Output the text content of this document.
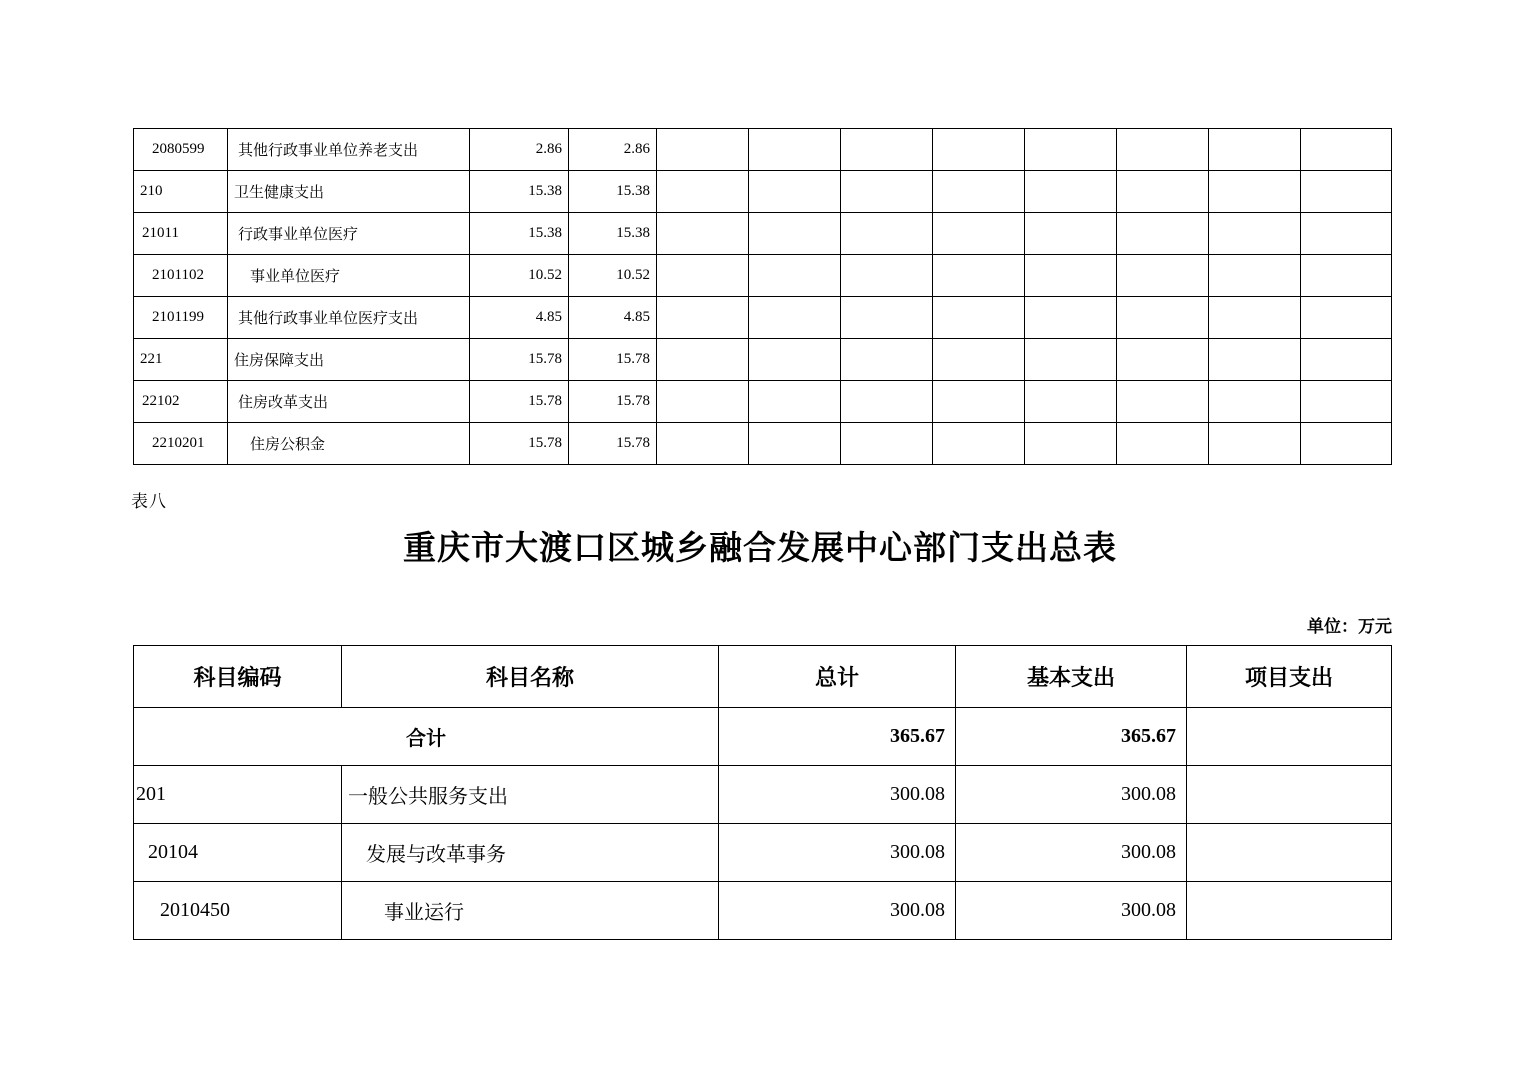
2080599	其他行政事业单位养老支出	2.86	2.86								
210	卫生健康支出	15.38	15.38								
21011	行政事业单位医疗	15.38	15.38								
2101102	事业单位医疗	10.52	10.52								
2101199	其他行政事业单位医疗支出	4.85	4.85								
221	住房保障支出	15.78	15.78								
22102	住房改革支出	15.78	15.78								
2210201	住房公积金	15.78	15.78								
表八
重庆市大渡口区城乡融合发展中心部门支出总表
单位：万元
科目编码	科目名称	总计	基本支出	项目支出
合计		365.67	365.67	
201	一般公共服务支出	300.08	300.08	
20104	发展与改革事务	300.08	300.08	
2010450	事业运行	300.08	300.08	
